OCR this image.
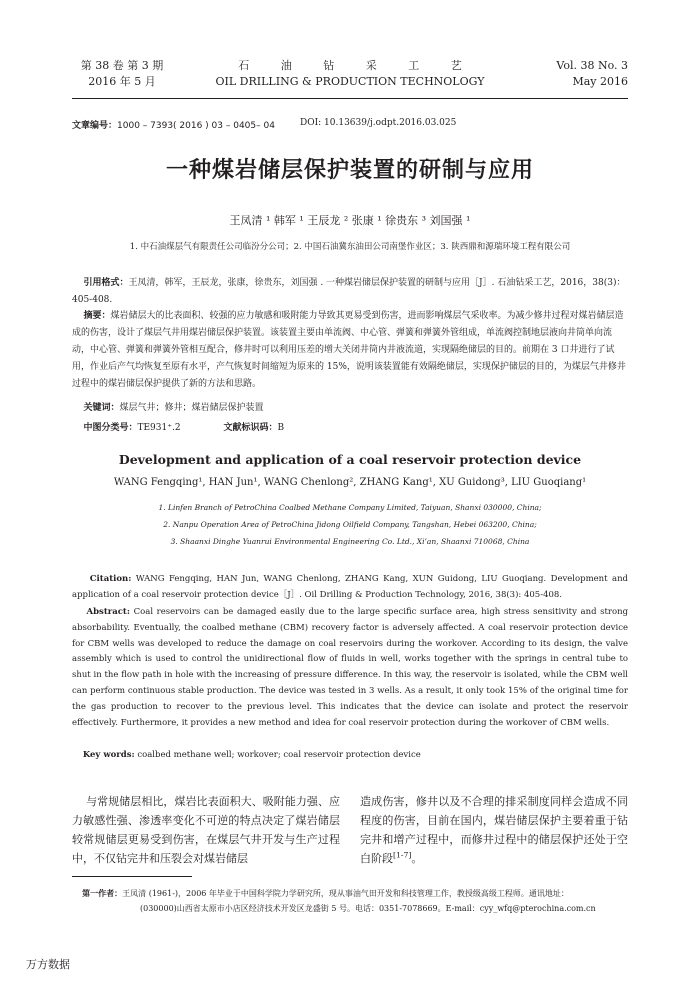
第 38 卷 第 3 期
2016 年 5 月
石 油 钻 采 工 艺
OIL DRILLING & PRODUCTION TECHNOLOGY
Vol. 38 No. 3
May 2016
文章编号：1000 – 7393( 2016 ) 03 – 0405– 04	DOI: 10.13639/j.odpt.2016.03.025
一种煤岩储层保护装置的研制与应用
王凤清 ¹ 韩军 ¹ 王辰龙 ² 张康 ¹ 徐贵东 ³ 刘国强 ¹
1. 中石油煤层气有限责任公司临汾分公司；2. 中国石油冀东油田公司南堡作业区；3. 陕西鼎和源瑞环境工程有限公司
引用格式：王凤清，韩军，王辰龙，张康，徐贵东，刘国强 . 一种煤岩储层保护装置的研制与应用［J］. 石油钻采工艺，2016，38(3)：405-408.
摘要：煤岩储层大的比表面积、较强的应力敏感和吸附能力导致其更易受到伤害，进而影响煤层气采收率。为减少修井过程对煤岩储层造成的伤害，设计了煤层气井用煤岩储层保护装置。该装置主要由单流阀、中心管、弹簧和弹簧外管组成，单流阀控制地层液向井筒单向流动，中心管、弹簧和弹簧外管相互配合，修井时可以利用压差的增大关闭井筒内井液流道，实现隔绝储层的目的。前期在 3 口井进行了试用，作业后产气均恢复至原有水平，产气恢复时间缩短为原来的 15%，说明该装置能有效隔绝储层，实现保护储层的目的，为煤层气井修井过程中的煤岩储层保护提供了新的方法和思路。
关键词：煤层气井；修井；煤岩储层保护装置
中图分类号：TE931⁺.2	文献标识码：B
Development and application of a coal reservoir protection device
WANG Fengqing¹, HAN Jun¹, WANG Chenlong², ZHANG Kang¹, XU Guidong³, LIU Guoqiang¹
1. Linfen Branch of PetroChina Coalbed Methane Company Limited, Taiyuan, Shanxi 030000, China;
2. Nanpu Operation Area of PetroChina Jidong Oilfield Company, Tangshan, Hebei 063200, China;
3. Shaanxi Dinghe Yuanrui Environmental Engineering Co. Ltd., Xi’an, Shaanxi 710068, China
Citation: WANG Fengqing, HAN Jun, WANG Chenlong, ZHANG Kang, XUN Guidong, LIU Guoqiang. Development and application of a coal reservoir protection device［J］. Oil Drilling & Production Technology, 2016, 38(3): 405-408.
Abstract: Coal reservoirs can be damaged easily due to the large specific surface area, high stress sensitivity and strong absorbability. Eventually, the coalbed methane (CBM) recovery factor is adversely affected. A coal reservoir protection device for CBM wells was developed to reduce the damage on coal reservoirs during the workover. According to its design, the valve assembly which is used to control the unidirectional flow of fluids in well, works together with the springs in central tube to shut in the flow path in hole with the increasing of pressure difference. In this way, the reservoir is isolated, while the CBM well can perform continuous stable production. The device was tested in 3 wells. As a result, it only took 15% of the original time for the gas production to recover to the previous level. This indicates that the device can isolate and protect the reservoir effectively. Furthermore, it provides a new method and idea for coal reservoir protection during the workover of CBM wells.
Key words: coalbed methane well; workover; coal reservoir protection device
与常规储层相比，煤岩比表面积大、吸附能力强、应力敏感性强、渗透率变化不可逆的特点决定了煤岩储层较常规储层更易受到伤害，在煤层气井开发与生产过程中，不仅钻完井和压裂会对煤岩储层
造成伤害，修井以及不合理的排采制度同样会造成不同程度的伤害，目前在国内，煤岩储层保护主要着重于钻完井和增产过程中，而修井过程中的储层保护还处于空白阶段[1-7]。
第一作者：王凤清 (1961-)，2006 年毕业于中国科学院力学研究所，现从事油气田开发和科技管理工作，教授级高级工程师。通讯地址：
(030000)山西省太原市小店区经济技术开发区龙盛街 5 号。电话：0351-7078669。E-mail：cyy_wfq@pterochina.com.cn
万方数据
